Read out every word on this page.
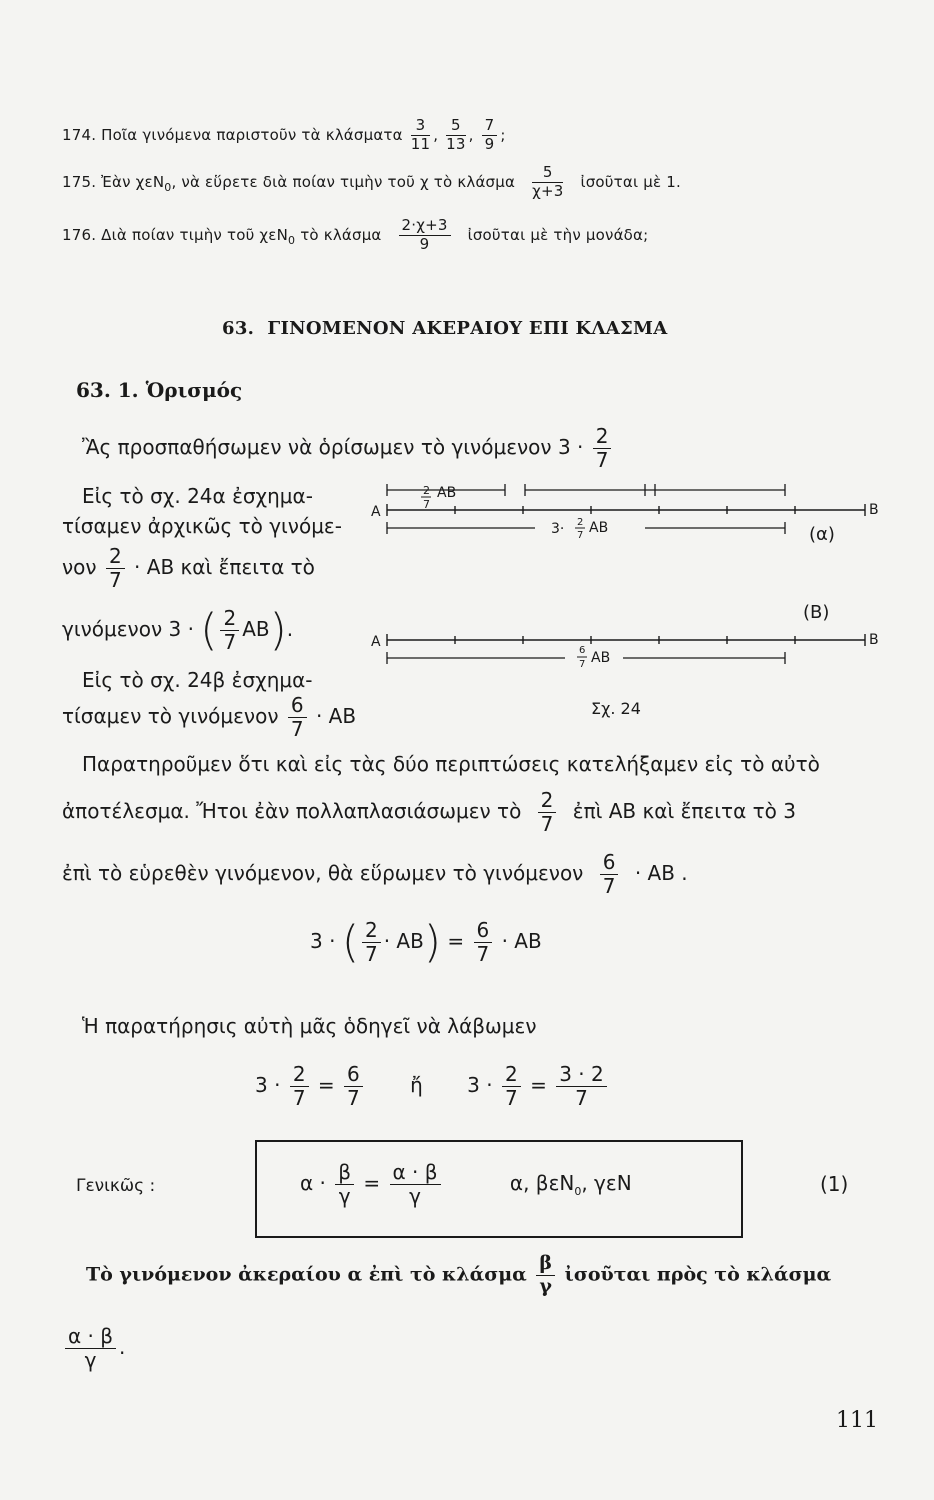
174. Ποῖα γινόμενα παριστοῦν τὰ κλάσματα $\frac{3}{11}$ , $\frac{5}{13}$ , $\frac{7}{9}$ ;
175. Ἐὰν χεN$_0$, νὰ εὕρετε διὰ ποίαν τιμὴν τοῦ χ τὸ κλάσμα $\frac{5}{\chi+3}$ ἰσοῦται μὲ 1.
176. Διὰ ποίαν τιμὴν τοῦ χεN$_0$ τὸ κλάσμα $\frac{2\cdot\chi+3}{9}$ ἰσοῦται μὲ τὴν μονάδα;
63. ΓΙΝΟΜΕΝΟΝ ΑΚΕΡΑΙΟΥ ΕΠΙ ΚΛΑΣΜΑ
63. 1. Ὁρισμός
Ἂς προσπαθήσωμεν νὰ ὁρίσωμεν τὸ γινόμενον $3 \cdot \frac{2}{7}$
Εἰς τὸ σχ. 24α ἐσχημα-
τίσαμεν ἀρχικῶς τὸ γινόμε-
νον $\frac{2}{7}$ · AB καὶ ἔπειτα τὸ
γινόμενον 3 · ( $\frac{2}{7} AB$).
Εἰς τὸ σχ. 24β ἐσχημα-
τίσαμεν τὸ γινόμενον $\frac{6}{7}$ · AB
2
7
AB
A	B
3· 2
7 AB	(α)
(Β)
A	B
6
7 AB
Σχ. 24
Παρατηροῦμεν ὅτι καὶ εἰς τὰς δύο περιπτώσεις κατελήξαμεν εἰς τὸ αὐτὸ
ἀποτέλεσμα. Ἤτοι ἐὰν πολλαπλασιάσωμεν τὸ $\frac{2}{7}$ ἐπὶ AB καὶ ἔπειτα τὸ 3
ἐπὶ τὸ εὑρεθὲν γινόμενον, θὰ εὕρωμεν τὸ γινόμενον $\frac{6}{7}$ · AB .
3 · ( $\frac{2}{7} \cdot AB) = \frac{6}{7}$ · AB
Ἡ παρατήρησις αὐτὴ μᾶς ὁδηγεῖ νὰ λάβωμεν
$3 \cdot \frac{2}{7} = \frac{6}{7}$ ἤ $3 \cdot \frac{2}{7} = \frac{3 \cdot 2}{7}$
Γενικῶς :	$\alpha \cdot \frac{\beta}{\gamma} = \frac{\alpha \cdot \beta}{\gamma}$	α, βεN$_0$, γεN	(1)
Τὸ γινόμενον ἀκεραίου α ἐπὶ τὸ κλάσμα $\frac{\beta}{\gamma}$ ἰσοῦται πρὸς τὸ κλάσμα
$\frac{\alpha \cdot \beta}{\gamma}$ .
111
